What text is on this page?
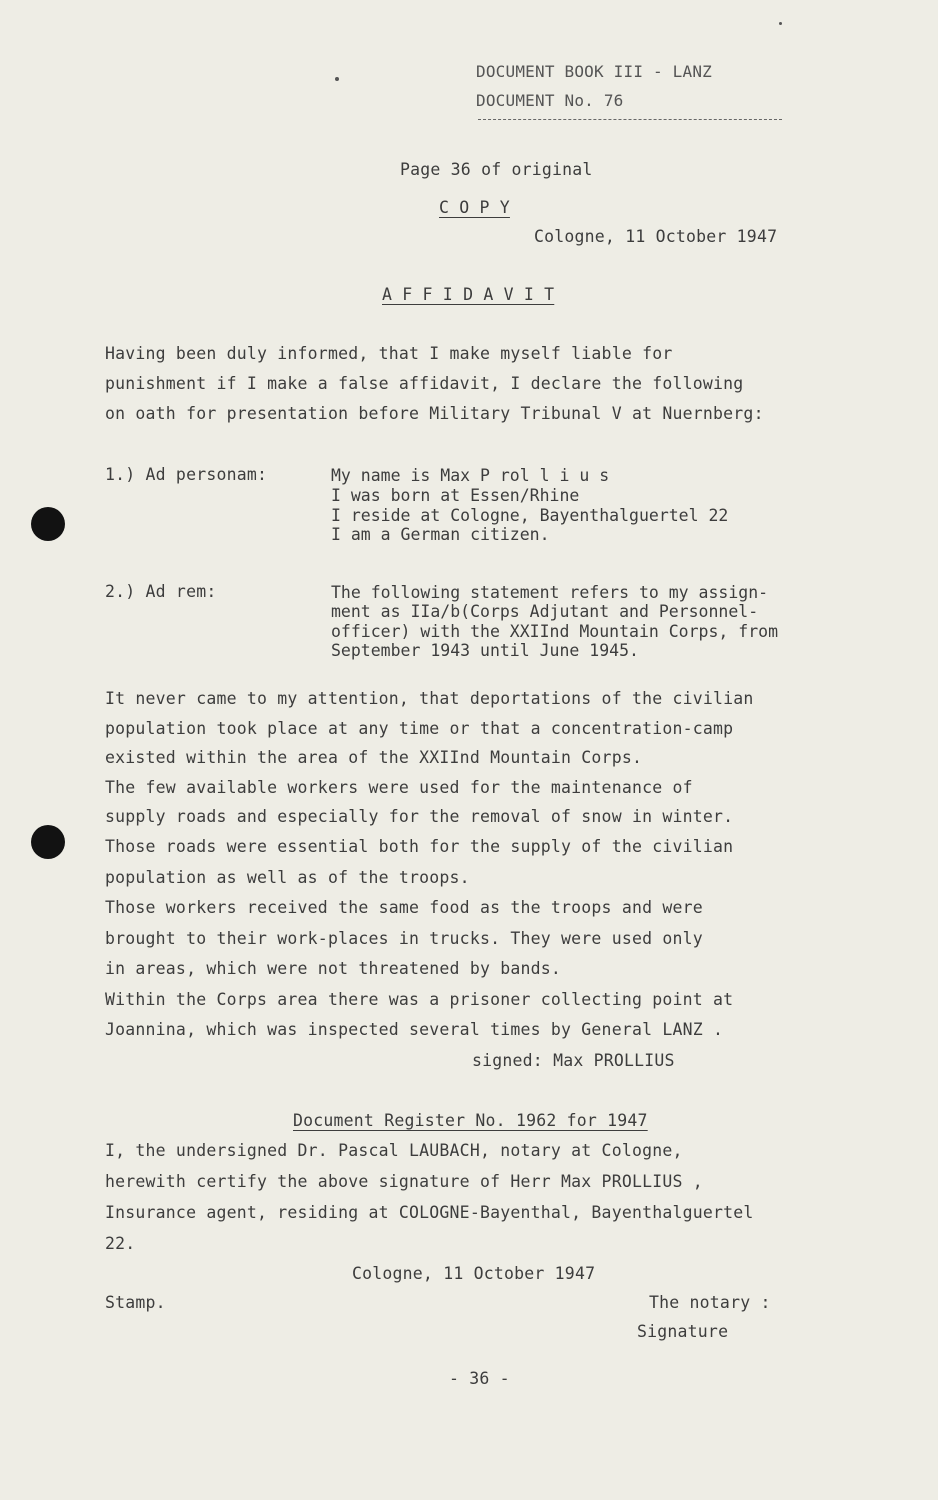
DOCUMENT BOOK III - LANZ
DOCUMENT No. 76
Page 36 of original
C O P Y
Cologne, 11 October 1947
A F F I D A V I T
Having been duly informed, that I make myself liable for
punishment if I make a false affidavit, I declare the following
on oath for presentation before Military Tribunal V at Nuernberg:
1.) Ad personam:	My name is Max P rol l i u s
I was born at Essen/Rhine
I reside at Cologne, Bayenthalguertel 22
I am a German citizen.
2.) Ad rem:	The following statement refers to my assign-
ment as IIa/b(Corps Adjutant and Personnel-
officer) with the XXIInd Mountain Corps, from
September 1943 until June 1945.
It never came to my attention, that deportations of the civilian
population took place at any time or that a concentration-camp
existed within the area of the XXIInd Mountain Corps.
The few available workers were used for the maintenance of
supply roads and especially for the removal of snow in winter.
Those roads were essential both for the supply of the civilian
population as well as of the troops.
Those workers received the same food as the troops and were
brought to their work-places in trucks. They were used only
in areas, which were not threatened by bands.
Within the Corps area there was a prisoner collecting point at
Joannina, which was inspected several times by General LANZ .
signed: Max PROLLIUS
Document Register No. 1962 for 1947
I, the undersigned Dr. Pascal LAUBACH, notary at Cologne,
herewith certify the above signature of Herr Max PROLLIUS ,
Insurance agent, residing at COLOGNE-Bayenthal, Bayenthalguertel
22.
Cologne, 11 October 1947
Stamp.	The notary :
Signature
- 36 -
